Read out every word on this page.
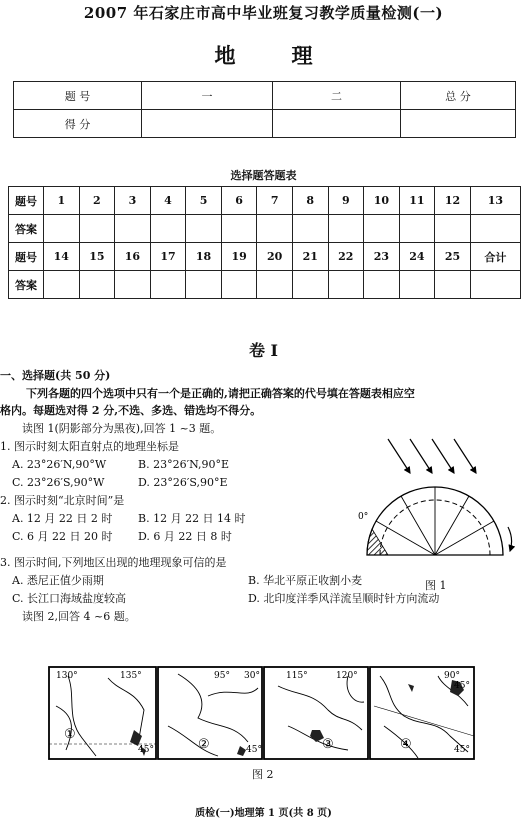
2007 年石家庄市高中毕业班复习教学质量检测(一)
地	理
题 号	一	二	总 分
得 分			
选择题答题表
题号	1	2	3	4	5	6	7	8	9	10	11	12	13
答案													
题号	14	15	16	17	18	19	20	21	22	23	24	25	合计
答案													
卷 I
一、选择题(共 50 分)
下列各题的四个选项中只有一个是正确的,请把正确答案的代号填在答题表相应空
格内。每题选对得 2 分,不选、多选、错选均不得分。
读图 1(阴影部分为黑夜),回答 1 ~3 题。
1. 图示时刻太阳直射点的地理坐标是
A. 23°26′N,90°W	B. 23°26′N,90°E
C. 23°26′S,90°W	D. 23°26′S,90°E
2. 图示时刻“北京时间”是
A. 12 月 22 日 2 时 B. 12 月 22 日 14 时
C. 6 月 22 日 20 时 D. 6 月 22 日 8 时
3. 图示时间,下列地区出现的地理现象可信的是
A. 悉尼正值少雨期	B. 华北平原正收割小麦
C. 长江口海域盐度较高	D. 北印度洋季风洋流呈顺时针方向流动
读图 2,回答 4 ~6 题。
0°
图 1
130°	135°
45°
①
95° 30°
45°
②
115°	120°
③
90°
45°
45°
④
图 2
质检(一)地理第 1 页(共 8 页)
